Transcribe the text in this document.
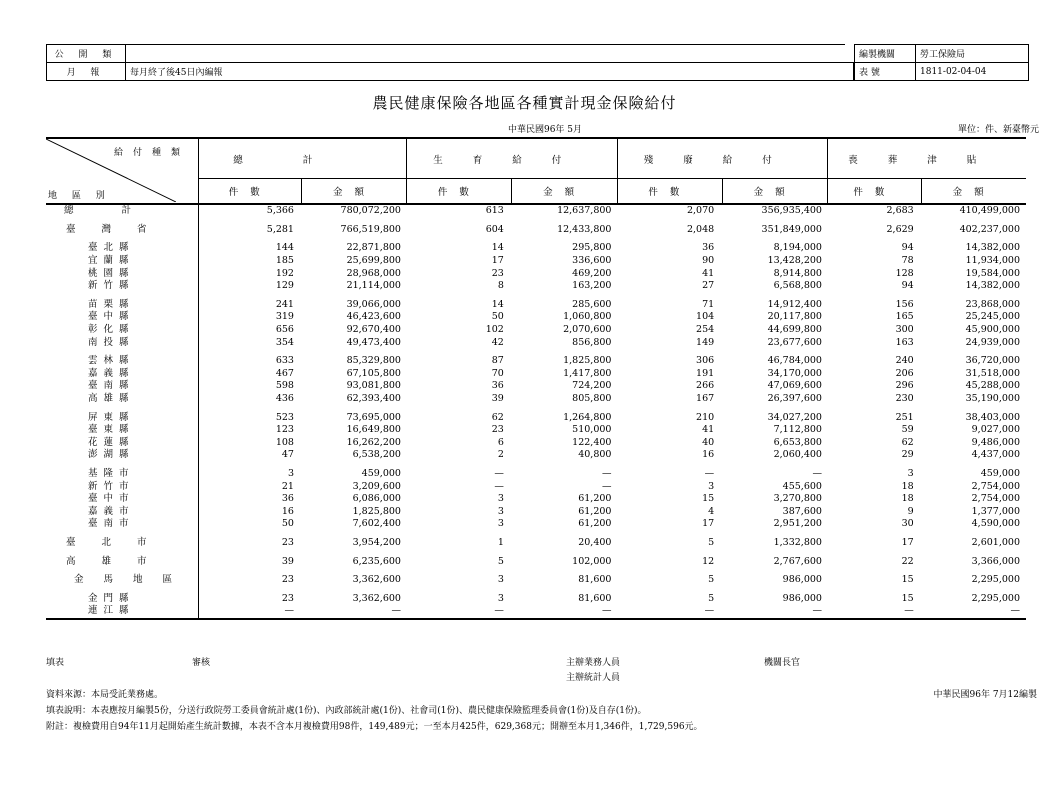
公 開 類	
月 報	每月終了後45日內編報
編製機關	勞工保險局
表 號	1811-02-04-04
農民健康保險各地區各種實計現金保險給付
中華民國96年 5月	單位：件、新臺幣元
給付種類
地 區 別	總計		生育給付		殘廢給付		喪葬津貼	
	件數	金額	件數	金額	件數	金額	件數	金額
總計	5,366	780,072,200	613	12,637,800	2,070	356,935,400	2,683	410,499,000

臺灣省	5,281	766,519,800	604	12,433,800	2,048	351,849,000	2,629	402,237,000

臺北縣	144	22,871,800	14	295,800	36	8,194,000	94	14,382,000
宜蘭縣	185	25,699,800	17	336,600	90	13,428,200	78	11,934,000
桃園縣	192	28,968,000	23	469,200	41	8,914,800	128	19,584,000
新竹縣	129	21,114,000	8	163,200	27	6,568,800	94	14,382,000

苗栗縣	241	39,066,000	14	285,600	71	14,912,400	156	23,868,000
臺中縣	319	46,423,600	50	1,060,800	104	20,117,800	165	25,245,000
彰化縣	656	92,670,400	102	2,070,600	254	44,699,800	300	45,900,000
南投縣	354	49,473,400	42	856,800	149	23,677,600	163	24,939,000

雲林縣	633	85,329,800	87	1,825,800	306	46,784,000	240	36,720,000
嘉義縣	467	67,105,800	70	1,417,800	191	34,170,000	206	31,518,000
臺南縣	598	93,081,800	36	724,200	266	47,069,600	296	45,288,000
高雄縣	436	62,393,400	39	805,800	167	26,397,600	230	35,190,000

屏東縣	523	73,695,000	62	1,264,800	210	34,027,200	251	38,403,000
臺東縣	123	16,649,800	23	510,000	41	7,112,800	59	9,027,000
花蓮縣	108	16,262,200	6	122,400	40	6,653,800	62	9,486,000
澎湖縣	47	6,538,200	2	40,800	16	2,060,400	29	4,437,000

基隆市	3	459,000	—	—	—	—	3	459,000
新竹市	21	3,209,600	—	—	3	455,600	18	2,754,000
臺中市	36	6,086,000	3	61,200	15	3,270,800	18	2,754,000
嘉義市	16	1,825,800	3	61,200	4	387,600	9	1,377,000
臺南市	50	7,602,400	3	61,200	17	2,951,200	30	4,590,000

臺北市	23	3,954,200	1	20,400	5	1,332,800	17	2,601,000

高雄市	39	6,235,600	5	102,000	12	2,767,600	22	3,366,000

金馬地區	23	3,362,600	3	81,600	5	986,000	15	2,295,000

金門縣	23	3,362,600	3	81,600	5	986,000	15	2,295,000
連江縣	—	—	—	—	—	—	—	—
填表	審核	主辦業務人員
主辦統計人員
機關長官
資料來源：本局受託業務處。	中華民國96年 7月12編製
填表說明：本表應按月編製5份，分送行政院勞工委員會統計處(1份)、內政部統計處(1份)、社會司(1份)、農民健康保險監理委員會(1份)及自存(1份)。
附註：複檢費用自94年11月起開始產生統計數據，本表不含本月複檢費用98件，149,489元；一至本月425件，629,368元；開辦至本月1,346件，1,729,596元。
